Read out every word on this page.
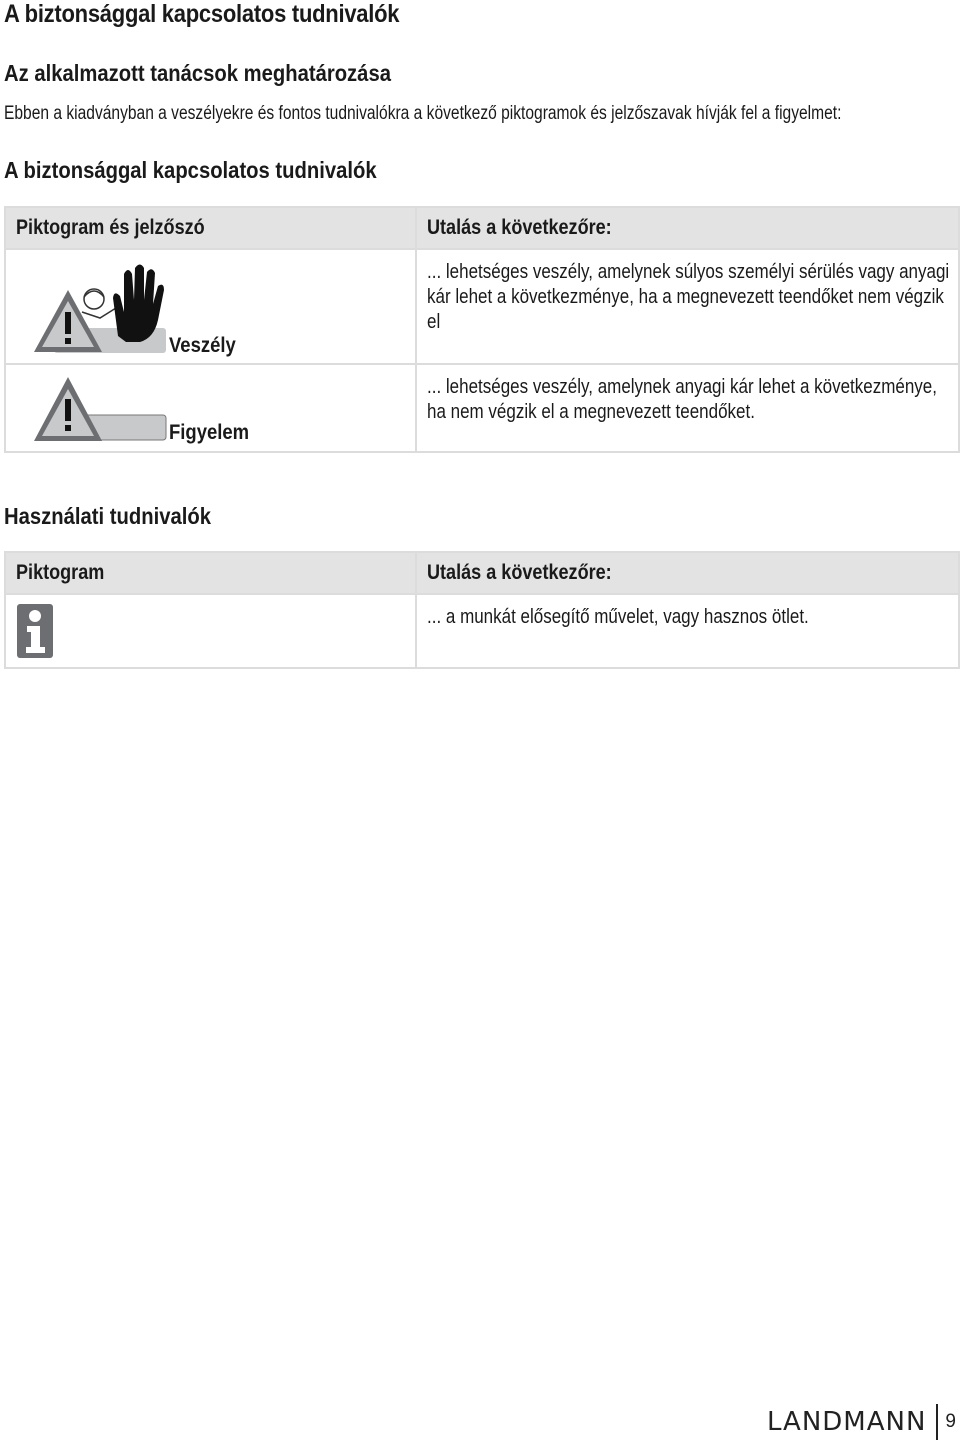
A biztonsággal kapcsolatos tudnivalók
Az alkalmazott tanácsok meghatározása

Ebben a kiadványban a veszélyekre és fontos tudnivalókra a következő piktogramok és jelzőszavak hívják fel a figyelmet:

A biztonsággal kapcsolatos tudnivalók
Piktogram és jelzőszó	Utalás a következőre:

Veszély	... lehetséges veszély, amelynek súlyos személyi sérülés vagy anyagi kár lehet a következménye, ha a megnevezett teendőket nem végzik el

Figyelem	... lehetséges veszély, amelynek anyagi kár lehet a következménye, ha nem végzik el a megnevezett teendőket.
Használati tudnivalók
Piktogram	Utalás a következőre:

... a munkát elősegítő művelet, vagy hasznos ötlet.
LANDMANN	9
